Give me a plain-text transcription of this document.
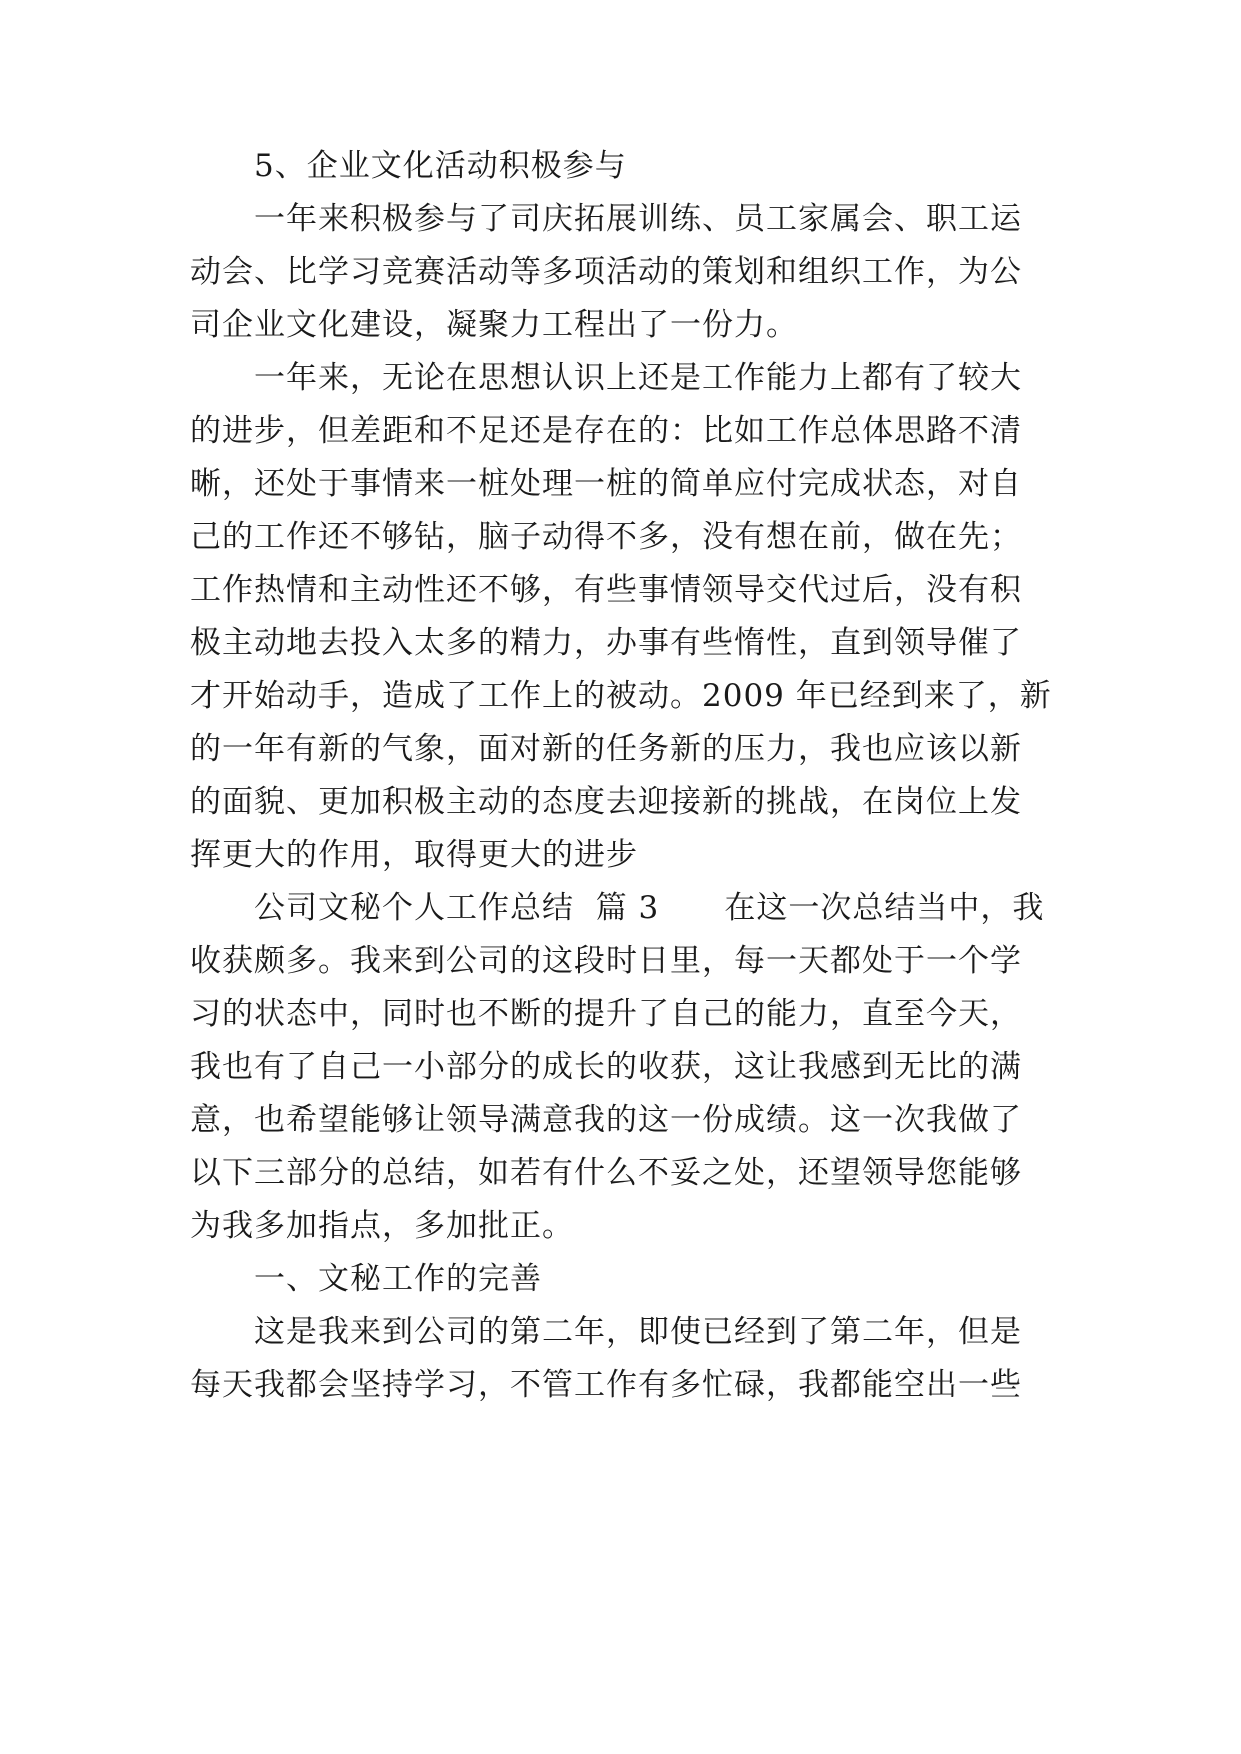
5、企业文化活动积极参与
一年来积极参与了司庆拓展训练、员工家属会、职工运
动会、比学习竞赛活动等多项活动的策划和组织工作，为公
司企业文化建设，凝聚力工程出了一份力。
一年来，无论在思想认识上还是工作能力上都有了较大
的进步，但差距和不足还是存在的：比如工作总体思路不清
晰，还处于事情来一桩处理一桩的简单应付完成状态，对自
己的工作还不够钻，脑子动得不多，没有想在前，做在先；
工作热情和主动性还不够，有些事情领导交代过后，没有积
极主动地去投入太多的精力，办事有些惰性，直到领导催了
才开始动手，造成了工作上的被动。2009 年已经到来了，新
的一年有新的气象，面对新的任务新的压力，我也应该以新
的面貌、更加积极主动的态度去迎接新的挑战，在岗位上发
挥更大的作用，取得更大的进步
公司文秘个人工作总结  篇 3      在这一次总结当中，我
收获颇多。我来到公司的这段时日里，每一天都处于一个学
习的状态中，同时也不断的提升了自己的能力，直至今天，
我也有了自己一小部分的成长的收获，这让我感到无比的满
意，也希望能够让领导满意我的这一份成绩。这一次我做了
以下三部分的总结，如若有什么不妥之处，还望领导您能够
为我多加指点，多加批正。
一、文秘工作的完善
这是我来到公司的第二年，即使已经到了第二年，但是
每天我都会坚持学习，不管工作有多忙碌，我都能空出一些
